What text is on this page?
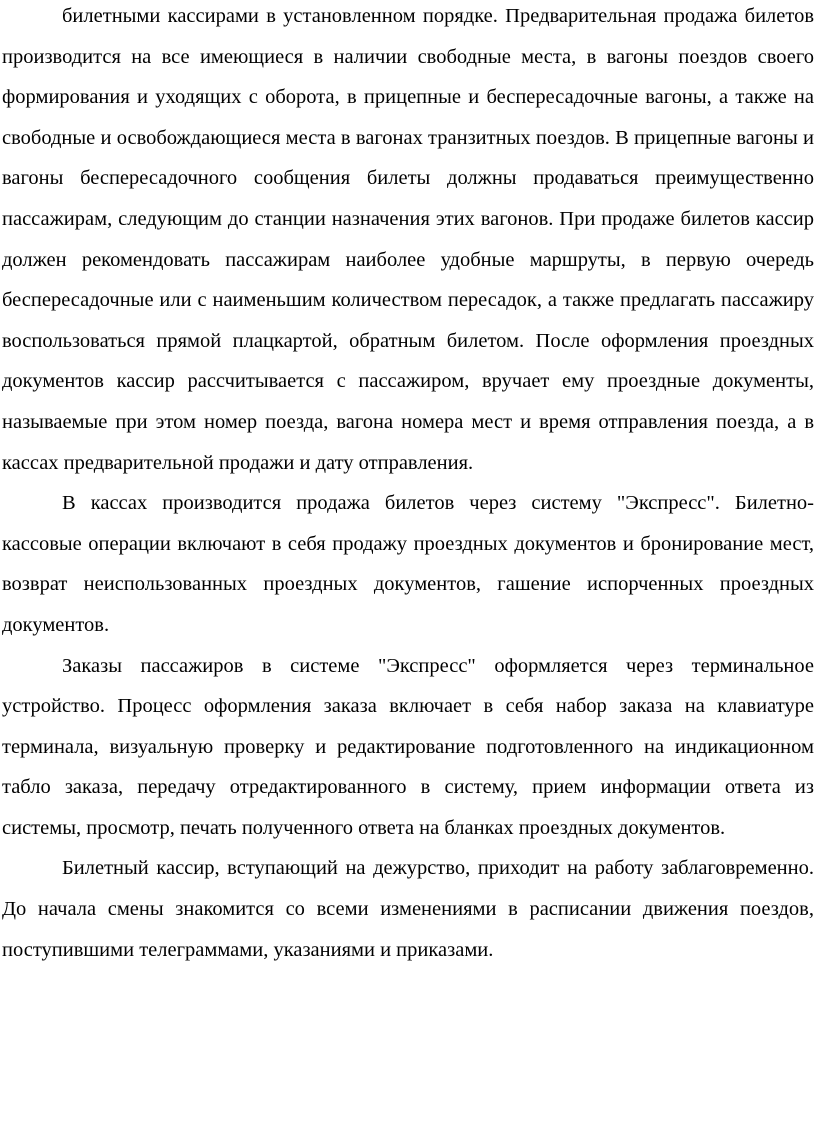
билетными кассирами в установленном порядке. Предварительная продажа билетов производится на все имеющиеся в наличии свободные места, в вагоны поездов своего формирования и уходящих с оборота, в прицепные и беспересадочные вагоны, а также на свободные и освобождающиеся места в вагонах транзитных поездов. В прицепные вагоны и вагоны беспересадочного сообщения билеты должны продаваться преимущественно пассажирам, следующим до станции назначения этих вагонов. При продаже билетов кассир должен рекомендовать пассажирам наиболее удобные маршруты, в первую очередь беспересадочные или с наименьшим количеством пересадок, а также предлагать пассажиру воспользоваться прямой плацкартой, обратным билетом. После оформления проездных документов кассир рассчитывается с пассажиром, вручает ему проездные документы, называемые при этом номер поезда, вагона номера мест и время отправления поезда, а в кассах предварительной продажи и дату отправления.

В кассах производится продажа билетов через систему "Экспресс". Билетно-кассовые операции включают в себя продажу проездных документов и бронирование мест, возврат неиспользованных проездных документов, гашение испорченных проездных документов.

Заказы пассажиров в системе "Экспресс" оформляется через терминальное устройство. Процесс оформления заказа включает в себя набор заказа на клавиатуре терминала, визуальную проверку и редактирование подготовленного на индикационном табло заказа, передачу отредактированного в систему, прием информации ответа из системы, просмотр, печать полученного ответа на бланках проездных документов.

Билетный кассир, вступающий на дежурство, приходит на работу заблаговременно. До начала смены знакомится со всеми изменениями в расписании движения поездов, поступившими телеграммами, указаниями и приказами.
